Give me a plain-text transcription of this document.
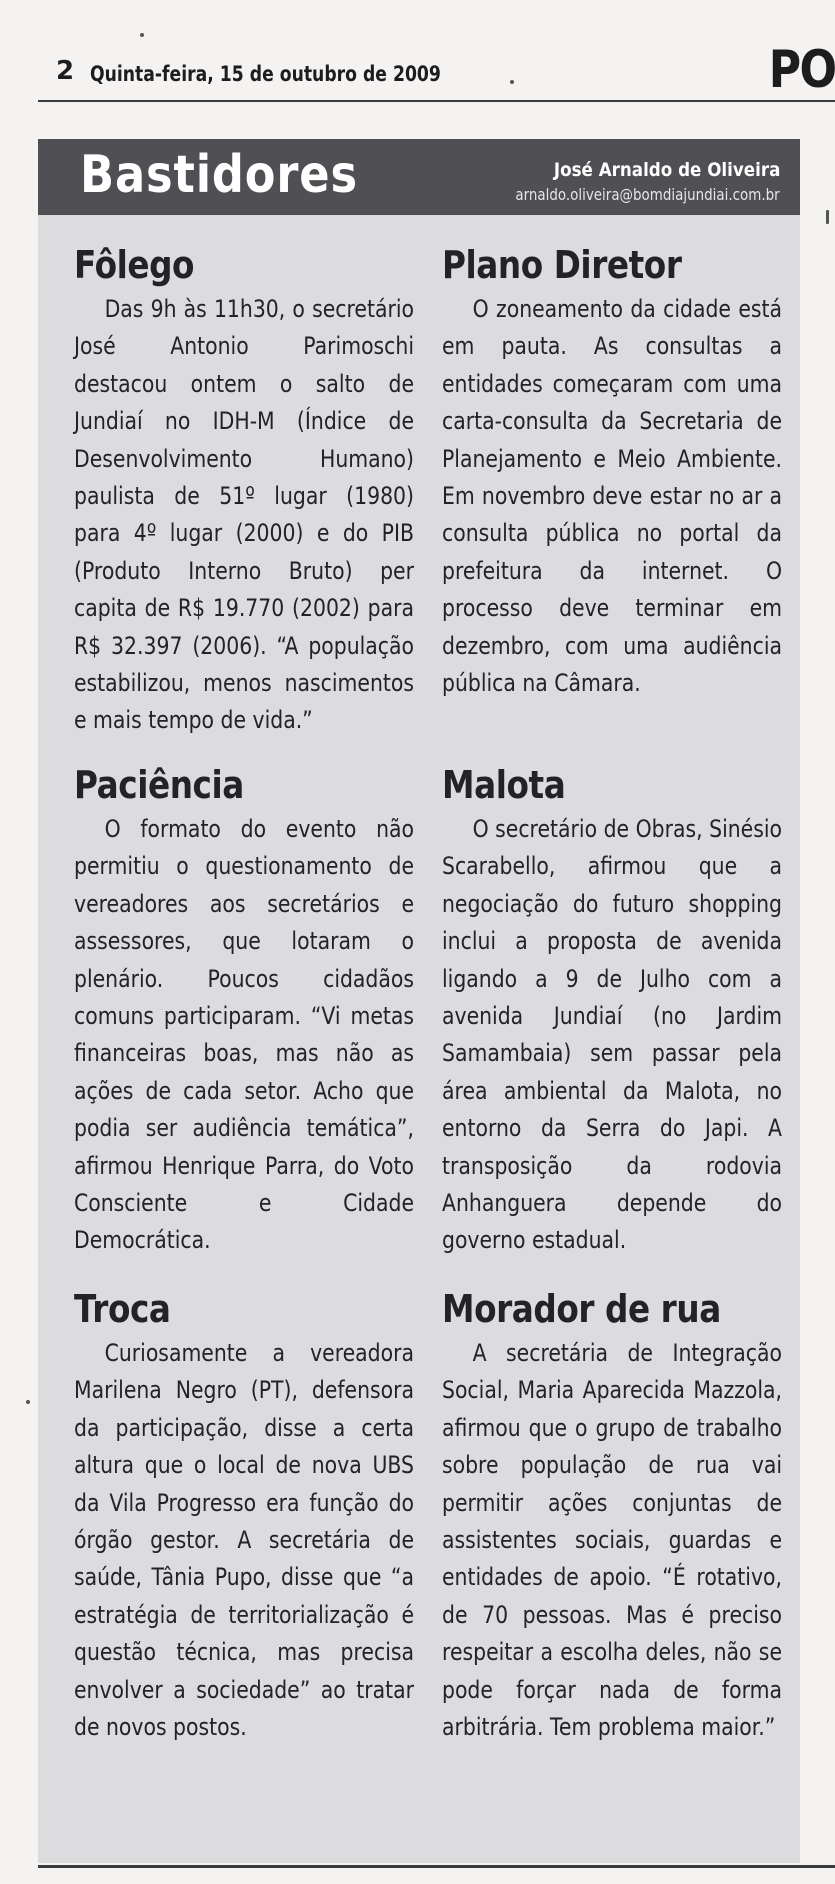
2 Quinta-feira, 15 de outubro de 2009	PO
Bastidores	José Arnaldo de Oliveira
arnaldo.oliveira@bomdiajundiai.com.br
Fôlego

Das 9h às 11h30, o secretário José Antonio Parimoschi destacou ontem o salto de Jundiaí no IDH-M (Índice de Desenvolvimento Humano) paulista de 51º lugar (1980) para 4º lugar (2000) e do PIB (Produto Interno Bruto) per capita de R$ 19.770 (2002) para R$ 32.397 (2006). “A população estabilizou, menos nascimentos e mais tempo de vida.”

Paciência

O formato do evento não permitiu o questionamento de vereadores aos secretários e assessores, que lotaram o plenário. Poucos cidadãos comuns participaram. “Vi metas financeiras boas, mas não as ações de cada setor. Acho que podia ser audiência temática”, afirmou Henrique Parra, do Voto Consciente e Cidade Democrática.

Troca

Curiosamente a vereadora Marilena Negro (PT), defensora da participação, disse a certa altura que o local de nova UBS da Vila Progresso era função do órgão gestor. A secretária de saúde, Tânia Pupo, disse que “a estratégia de territorialização é questão técnica, mas precisa envolver a sociedade” ao tratar de novos postos.

Plano Diretor

O zoneamento da cidade está em pauta. As consultas a entidades começaram com uma carta-consulta da Secretaria de Planejamento e Meio Ambiente. Em novembro deve estar no ar a consulta pública no portal da prefeitura da internet. O processo deve terminar em dezembro, com uma audiência pública na Câmara.

Malota

O secretário de Obras, Sinésio Scarabello, afirmou que a negociação do futuro shopping inclui a proposta de avenida ligando a 9 de Julho com a avenida Jundiaí (no Jardim Samambaia) sem passar pela área ambiental da Malota, no entorno da Serra do Japi. A transposição da rodovia Anhanguera depende do governo estadual.

Morador de rua

A secretária de Integração Social, Maria Aparecida Mazzola, afirmou que o grupo de trabalho sobre população de rua vai permitir ações conjuntas de assistentes sociais, guardas e entidades de apoio. “É rotativo, de 70 pessoas. Mas é preciso respeitar a escolha deles, não se pode forçar nada de forma arbitrária. Tem problema maior.”
